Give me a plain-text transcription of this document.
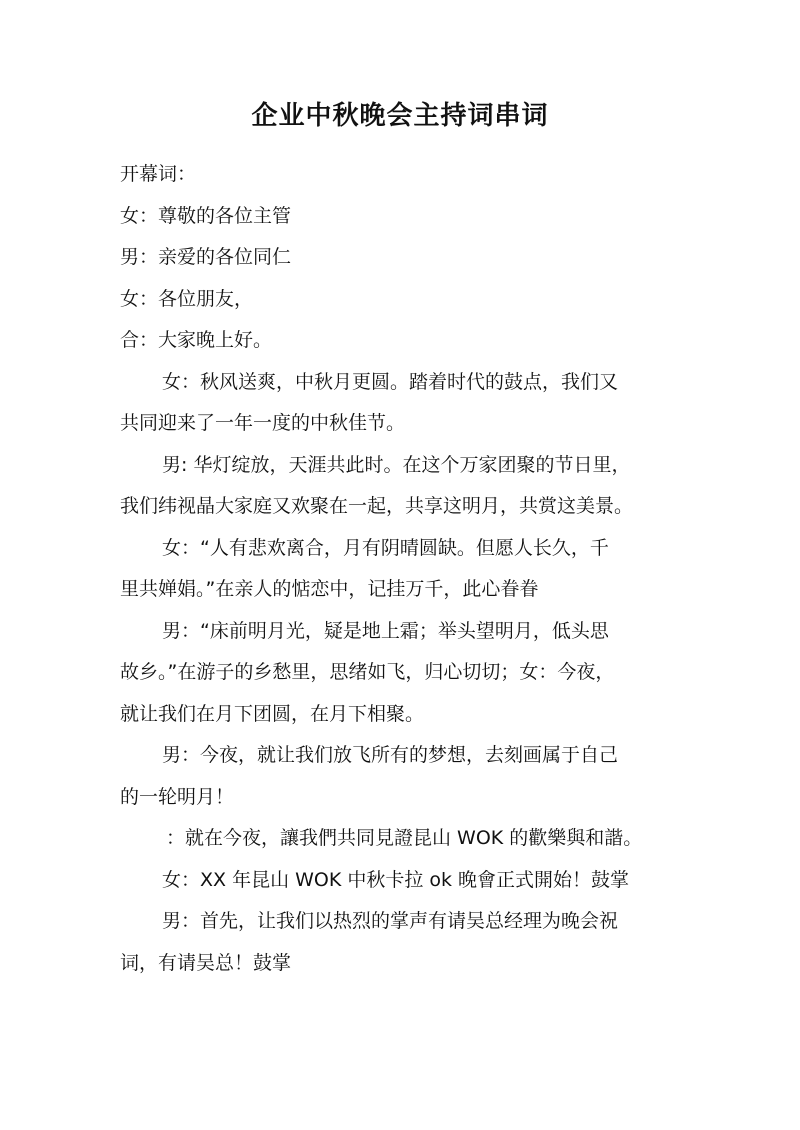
企业中秋晚会主持词串词
开幕词：
女：尊敬的各位主管
男：亲爱的各位同仁
女：各位朋友，
合：大家晚上好。
女：秋风送爽，中秋月更圆。踏着时代的鼓点，我们又
共同迎来了一年一度的中秋佳节。
男: 华灯绽放，天涯共此时。在这个万家团聚的节日里，
我们纬视晶大家庭又欢聚在一起，共享这明月，共赏这美景。
女：“人有悲欢离合，月有阴晴圆缺。但愿人长久，千
里共婵娟。”在亲人的惦恋中，记挂万千，此心眷眷
男：“床前明月光，疑是地上霜；举头望明月，低头思
故乡。”在游子的乡愁里，思绪如飞，归心切切；女：今夜，
就让我们在月下团圆，在月下相聚。
男：今夜，就让我们放飞所有的梦想，去刻画属于自己
的一轮明月！
：就在今夜，讓我們共同見證昆山 WOK 的歡樂與和諧。
女：XX 年昆山 WOK 中秋卡拉 ok 晚會正式開始！鼓掌
男：首先，让我们以热烈的掌声有请吴总经理为晚会祝
词，有请吴总！鼓掌
